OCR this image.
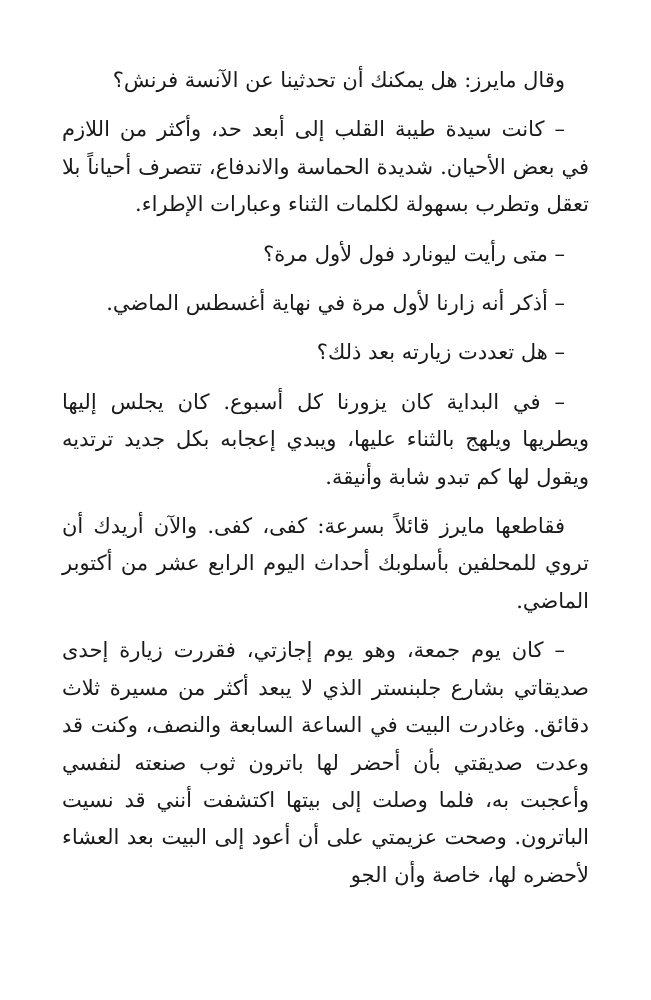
وقال مايرز: هل يمكنك أن تحدثينا عن الآنسة فرنش؟

– كانت سيدة طيبة القلب إلى أبعد حد، وأكثر من اللازم في بعض الأحيان. شديدة الحماسة والاندفاع، تتصرف أحياناً بلا تعقل وتطرب بسهولة لكلمات الثناء وعبارات الإطراء.

– متى رأيت ليونارد فول لأول مرة؟

– أذكر أنه زارنا لأول مرة في نهاية أغسطس الماضي.

– هل تعددت زيارته بعد ذلك؟

– في البداية كان يزورنا كل أسبوع. كان يجلس إليها ويطريها ويلهج بالثناء عليها، ويبدي إعجابه بكل جديد ترتديه ويقول لها كم تبدو شابة وأنيقة.

فقاطعها مايرز قائلاً بسرعة: كفى، كفى. والآن أريدك أن تروي للمحلفين بأسلوبك أحداث اليوم الرابع عشر من أكتوبر الماضي.

– كان يوم جمعة، وهو يوم إجازتي، فقررت زيارة إحدى صديقاتي بشارع جلبنستر الذي لا يبعد أكثر من مسيرة ثلاث دقائق. وغادرت البيت في الساعة السابعة والنصف، وكنت قد وعدت صديقتي بأن أحضر لها باترون ثوب صنعته لنفسي وأعجبت به، فلما وصلت إلى بيتها اكتشفت أنني قد نسيت الباترون. وصحت عزيمتي على أن أعود إلى البيت بعد العشاء لأحضره لها، خاصة وأن الجو
